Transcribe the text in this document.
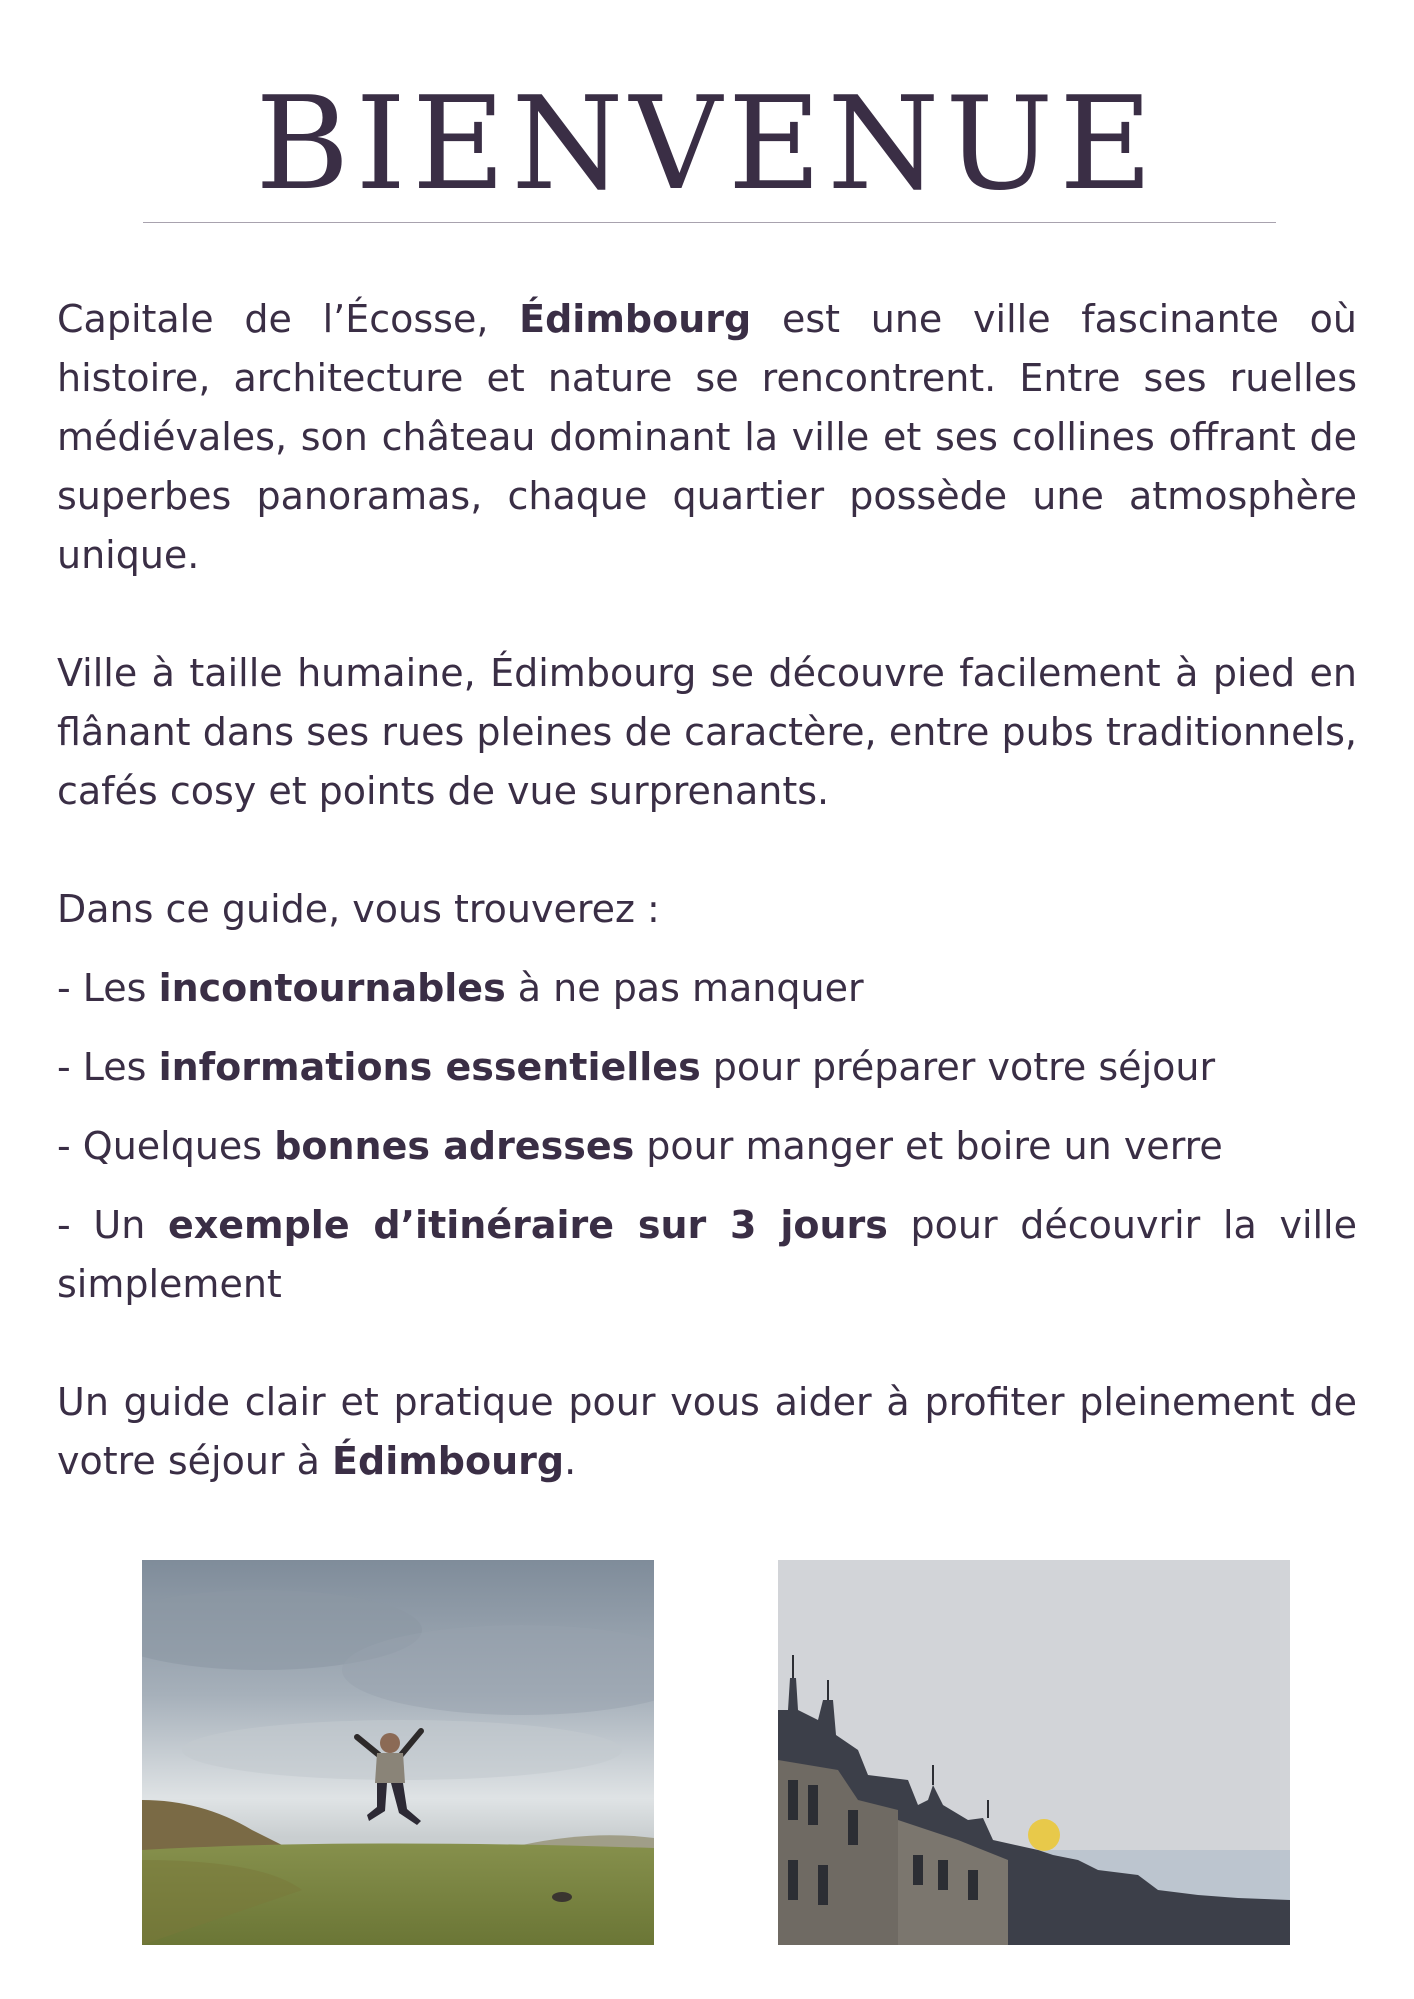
BIENVENUE

Capitale de l’Écosse, Édimbourg est une ville fascinante où histoire, architecture et nature se rencontrent. Entre ses ruelles médiévales, son château dominant la ville et ses collines offrant de superbes panoramas, chaque quartier possède une atmosphère unique.

Ville à taille humaine, Édimbourg se découvre facilement à pied en flânant dans ses rues pleines de caractère, entre pubs traditionnels, cafés cosy et points de vue surprenants.

Dans ce guide, vous trouverez :

- Les incontournables à ne pas manquer

- Les informations essentielles pour préparer votre séjour

- Quelques bonnes adresses pour manger et boire un verre

- Un exemple d’itinéraire sur 3 jours pour découvrir la ville simplement

Un guide clair et pratique pour vous aider à profiter pleinement de votre séjour à Édimbourg.
